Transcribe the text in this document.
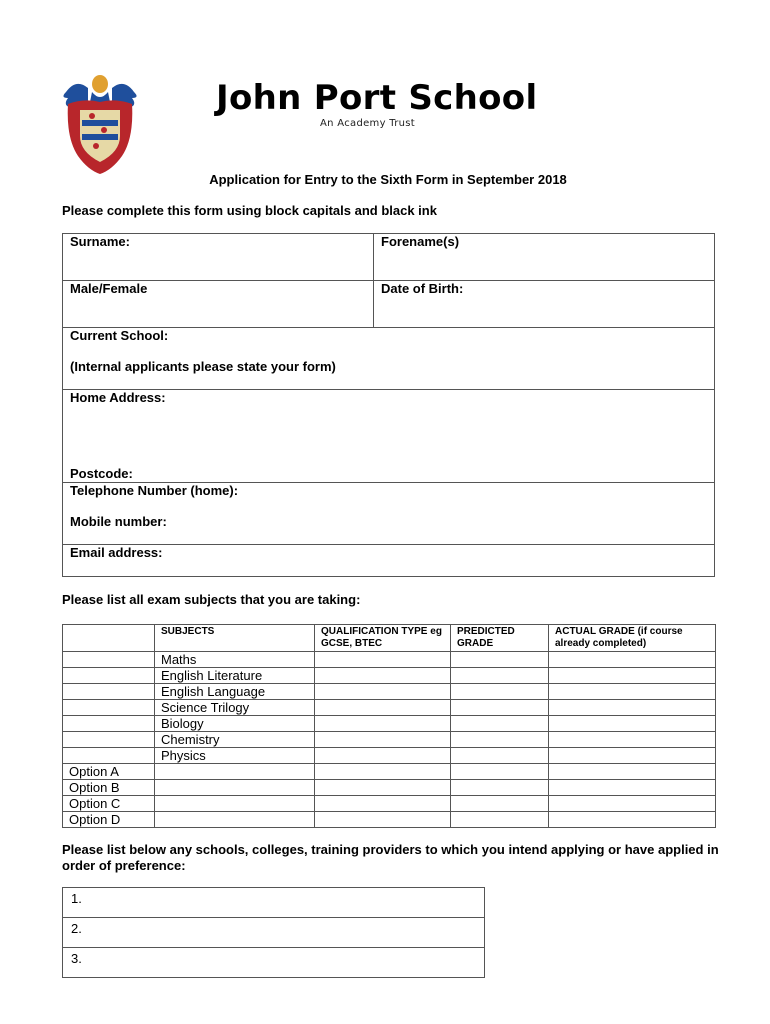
John Port School
An Academy Trust
Application for Entry to the Sixth Form in September 2018
Please complete this form using block capitals and black ink
Surname:	Forename(s)
Male/Female	Date of Birth:
Current School:
(Internal applicants please state your form)
Home Address:
Postcode:
Telephone Number (home):
Mobile number:
Email address:
Please list all exam subjects that you are taking:
	SUBJECTS	QUALIFICATION TYPE eg GCSE, BTEC	PREDICTED GRADE	ACTUAL GRADE (if course already completed)
	Maths			
	English Literature			
	English Language			
	Science Trilogy			
	Biology			
	Chemistry			
	Physics			
Option A				
Option B				
Option C				
Option D				
Please list below any schools, colleges, training providers to which you intend applying or have applied in order of preference:
1.
2.
3.
